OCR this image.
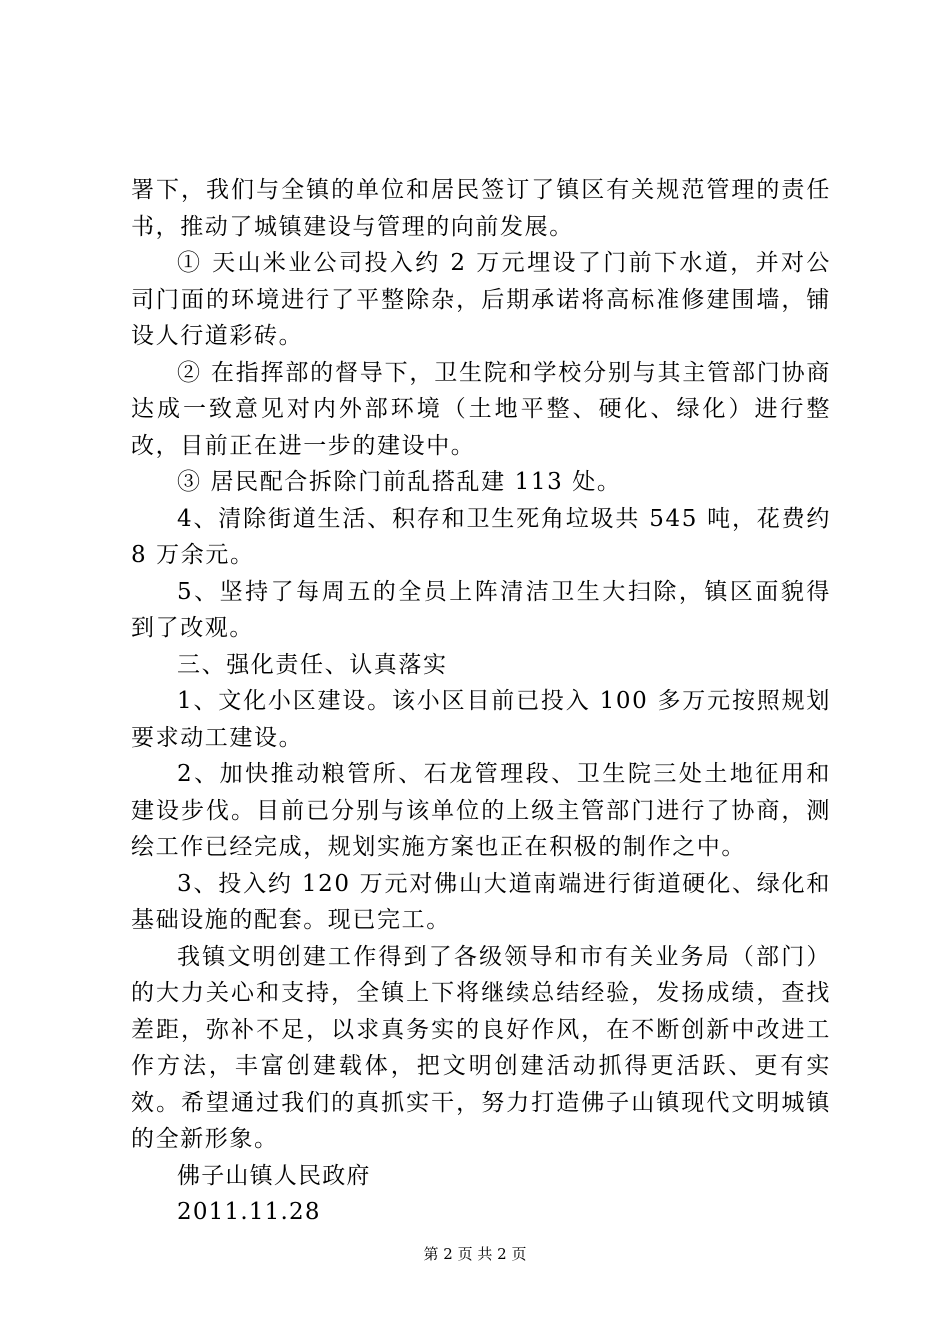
署下，我们与全镇的单位和居民签订了镇区有关规范管理的责任书，推动了城镇建设与管理的向前发展。

① 天山米业公司投入约 2 万元埋设了门前下水道，并对公司门面的环境进行了平整除杂，后期承诺将高标准修建围墙，铺设人行道彩砖。

② 在指挥部的督导下，卫生院和学校分别与其主管部门协商达成一致意见对内外部环境（土地平整、硬化、绿化）进行整改，目前正在进一步的建设中。

③ 居民配合拆除门前乱搭乱建 113 处。

4、清除街道生活、积存和卫生死角垃圾共 545 吨，花费约 8 万余元。

5、坚持了每周五的全员上阵清洁卫生大扫除，镇区面貌得到了改观。

三、强化责任、认真落实

1、文化小区建设。该小区目前已投入 100 多万元按照规划要求动工建设。

2、加快推动粮管所、石龙管理段、卫生院三处土地征用和建设步伐。目前已分别与该单位的上级主管部门进行了协商，测绘工作已经完成，规划实施方案也正在积极的制作之中。

3、投入约 120 万元对佛山大道南端进行街道硬化、绿化和基础设施的配套。现已完工。

我镇文明创建工作得到了各级领导和市有关业务局（部门）的大力关心和支持，全镇上下将继续总结经验，发扬成绩，查找差距，弥补不足，以求真务实的良好作风，在不断创新中改进工作方法，丰富创建载体，把文明创建活动抓得更活跃、更有实效。希望通过我们的真抓实干，努力打造佛子山镇现代文明城镇的全新形象。

佛子山镇人民政府

2011.11.28

第 2 页 共 2 页
